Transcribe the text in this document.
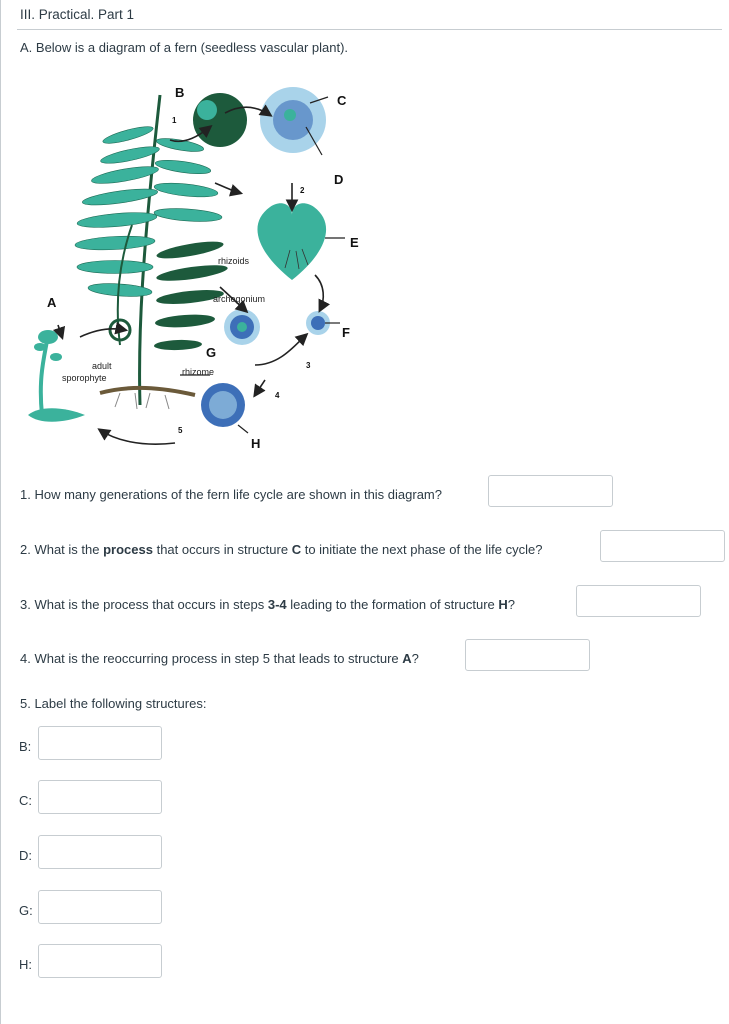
III. Practical. Part 1
A. Below is a diagram of a fern (seedless vascular plant).
A
B
C
D
E
F
G
H
1
2
3
4
5
rhizoids
archegonium
rhizome
adult
sporophyte
1. How many generations of the fern life cycle are shown in this diagram?
2. What is the process that occurs in structure C to initiate the next phase of the life cycle?
3. What is the process that occurs in steps 3-4 leading to the formation of structure H?
4. What is the reoccurring process in step 5 that leads to structure A?
5. Label the following structures:
B:
C:
D:
G:
H:
